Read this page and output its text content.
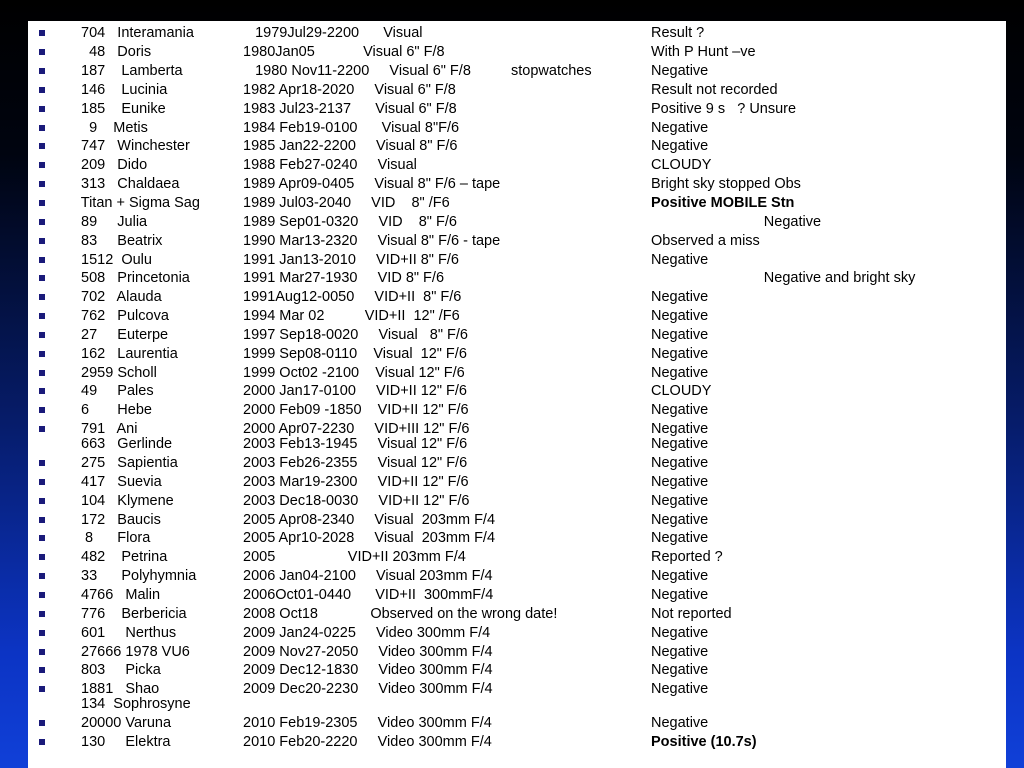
704   Interamania	1979Jul29-2200      Visual	Result ?
48   Doris	1980Jan05            Visual 6" F/8	With P Hunt –ve
187    Lamberta	1980 Nov11-2200     Visual 6" F/8	stopwatches	Negative
146    Lucinia	1982 Apr18-2020     Visual 6" F/8	Result not recorded
185    Eunike	1983 Jul23-2137      Visual 6" F/8	Positive 9 s   ? Unsure
9    Metis	1984 Feb19-0100      Visual 8"F/6	Negative
747   Winchester	1985 Jan22-2200     Visual 8" F/6	Negative
209   Dido	1988 Feb27-0240     Visual	CLOUDY
313   Chaldaea	1989 Apr09-0405     Visual 8" F/6 – tape	Bright sky stopped Obs
Titan + Sigma Sag	1989 Jul03-2040     VID    8" /F6	Positive MOBILE Stn
89     Julia	1989 Sep01-0320     VID    8" F/6	Negative
83     Beatrix	1990 Mar13-2320     Visual 8" F/6 - tape	Observed a miss
1512  Oulu	1991 Jan13-2010     VID+II 8" F/6	Negative
508   Princetonia	1991 Mar27-1930     VID 8" F/6	Negative and bright sky
702   Alauda	1991Aug12-0050     VID+II  8" F/6	Negative
762   Pulcova	1994 Mar 02          VID+II  12" /F6	Negative
27     Euterpe	1997 Sep18-0020     Visual   8" F/6	Negative
162   Laurentia	1999 Sep08-0110    Visual  12" F/6	Negative
2959 Scholl	1999 Oct02 -2100    Visual 12" F/6	Negative
49     Pales	2000 Jan17-0100     VID+II 12" F/6	CLOUDY
6       Hebe	2000 Feb09 -1850    VID+II 12" F/6	Negative
791   Ani	2000 Apr07-2230     VID+III 12" F/6	Negative
663   Gerlinde	2003 Feb13-1945     Visual 12" F/6	Negative
275   Sapientia	2003 Feb26-2355     Visual 12" F/6	Negative
417   Suevia	2003 Mar19-2300     VID+II 12" F/6	Negative
104   Klymene	2003 Dec18-0030     VID+II 12" F/6	Negative
172   Baucis	2005 Apr08-2340     Visual  203mm F/4	Negative
8      Flora	2005 Apr10-2028     Visual  203mm F/4	Negative
482    Petrina	2005                  VID+II 203mm F/4	Reported ?
33      Polyhymnia	2006 Jan04-2100     Visual 203mm F/4	Negative
4766   Malin	2006Oct01-0440      VID+II  300mmF/4	Negative
776    Berbericia	2008 Oct18             Observed on the wrong date!	Not reported
601     Nerthus	2009 Jan24-0225     Video 300mm F/4	Negative
27666 1978 VU6	2009 Nov27-2050     Video 300mm F/4	Negative
803     Picka	2009 Dec12-1830     Video 300mm F/4	Negative
1881   Shao	2009 Dec20-2230     Video 300mm F/4	Negative
134  Sophrosyne
20000 Varuna	2010 Feb19-2305     Video 300mm F/4	Negative
130     Elektra	2010 Feb20-2220     Video 300mm F/4	Positive (10.7s)
